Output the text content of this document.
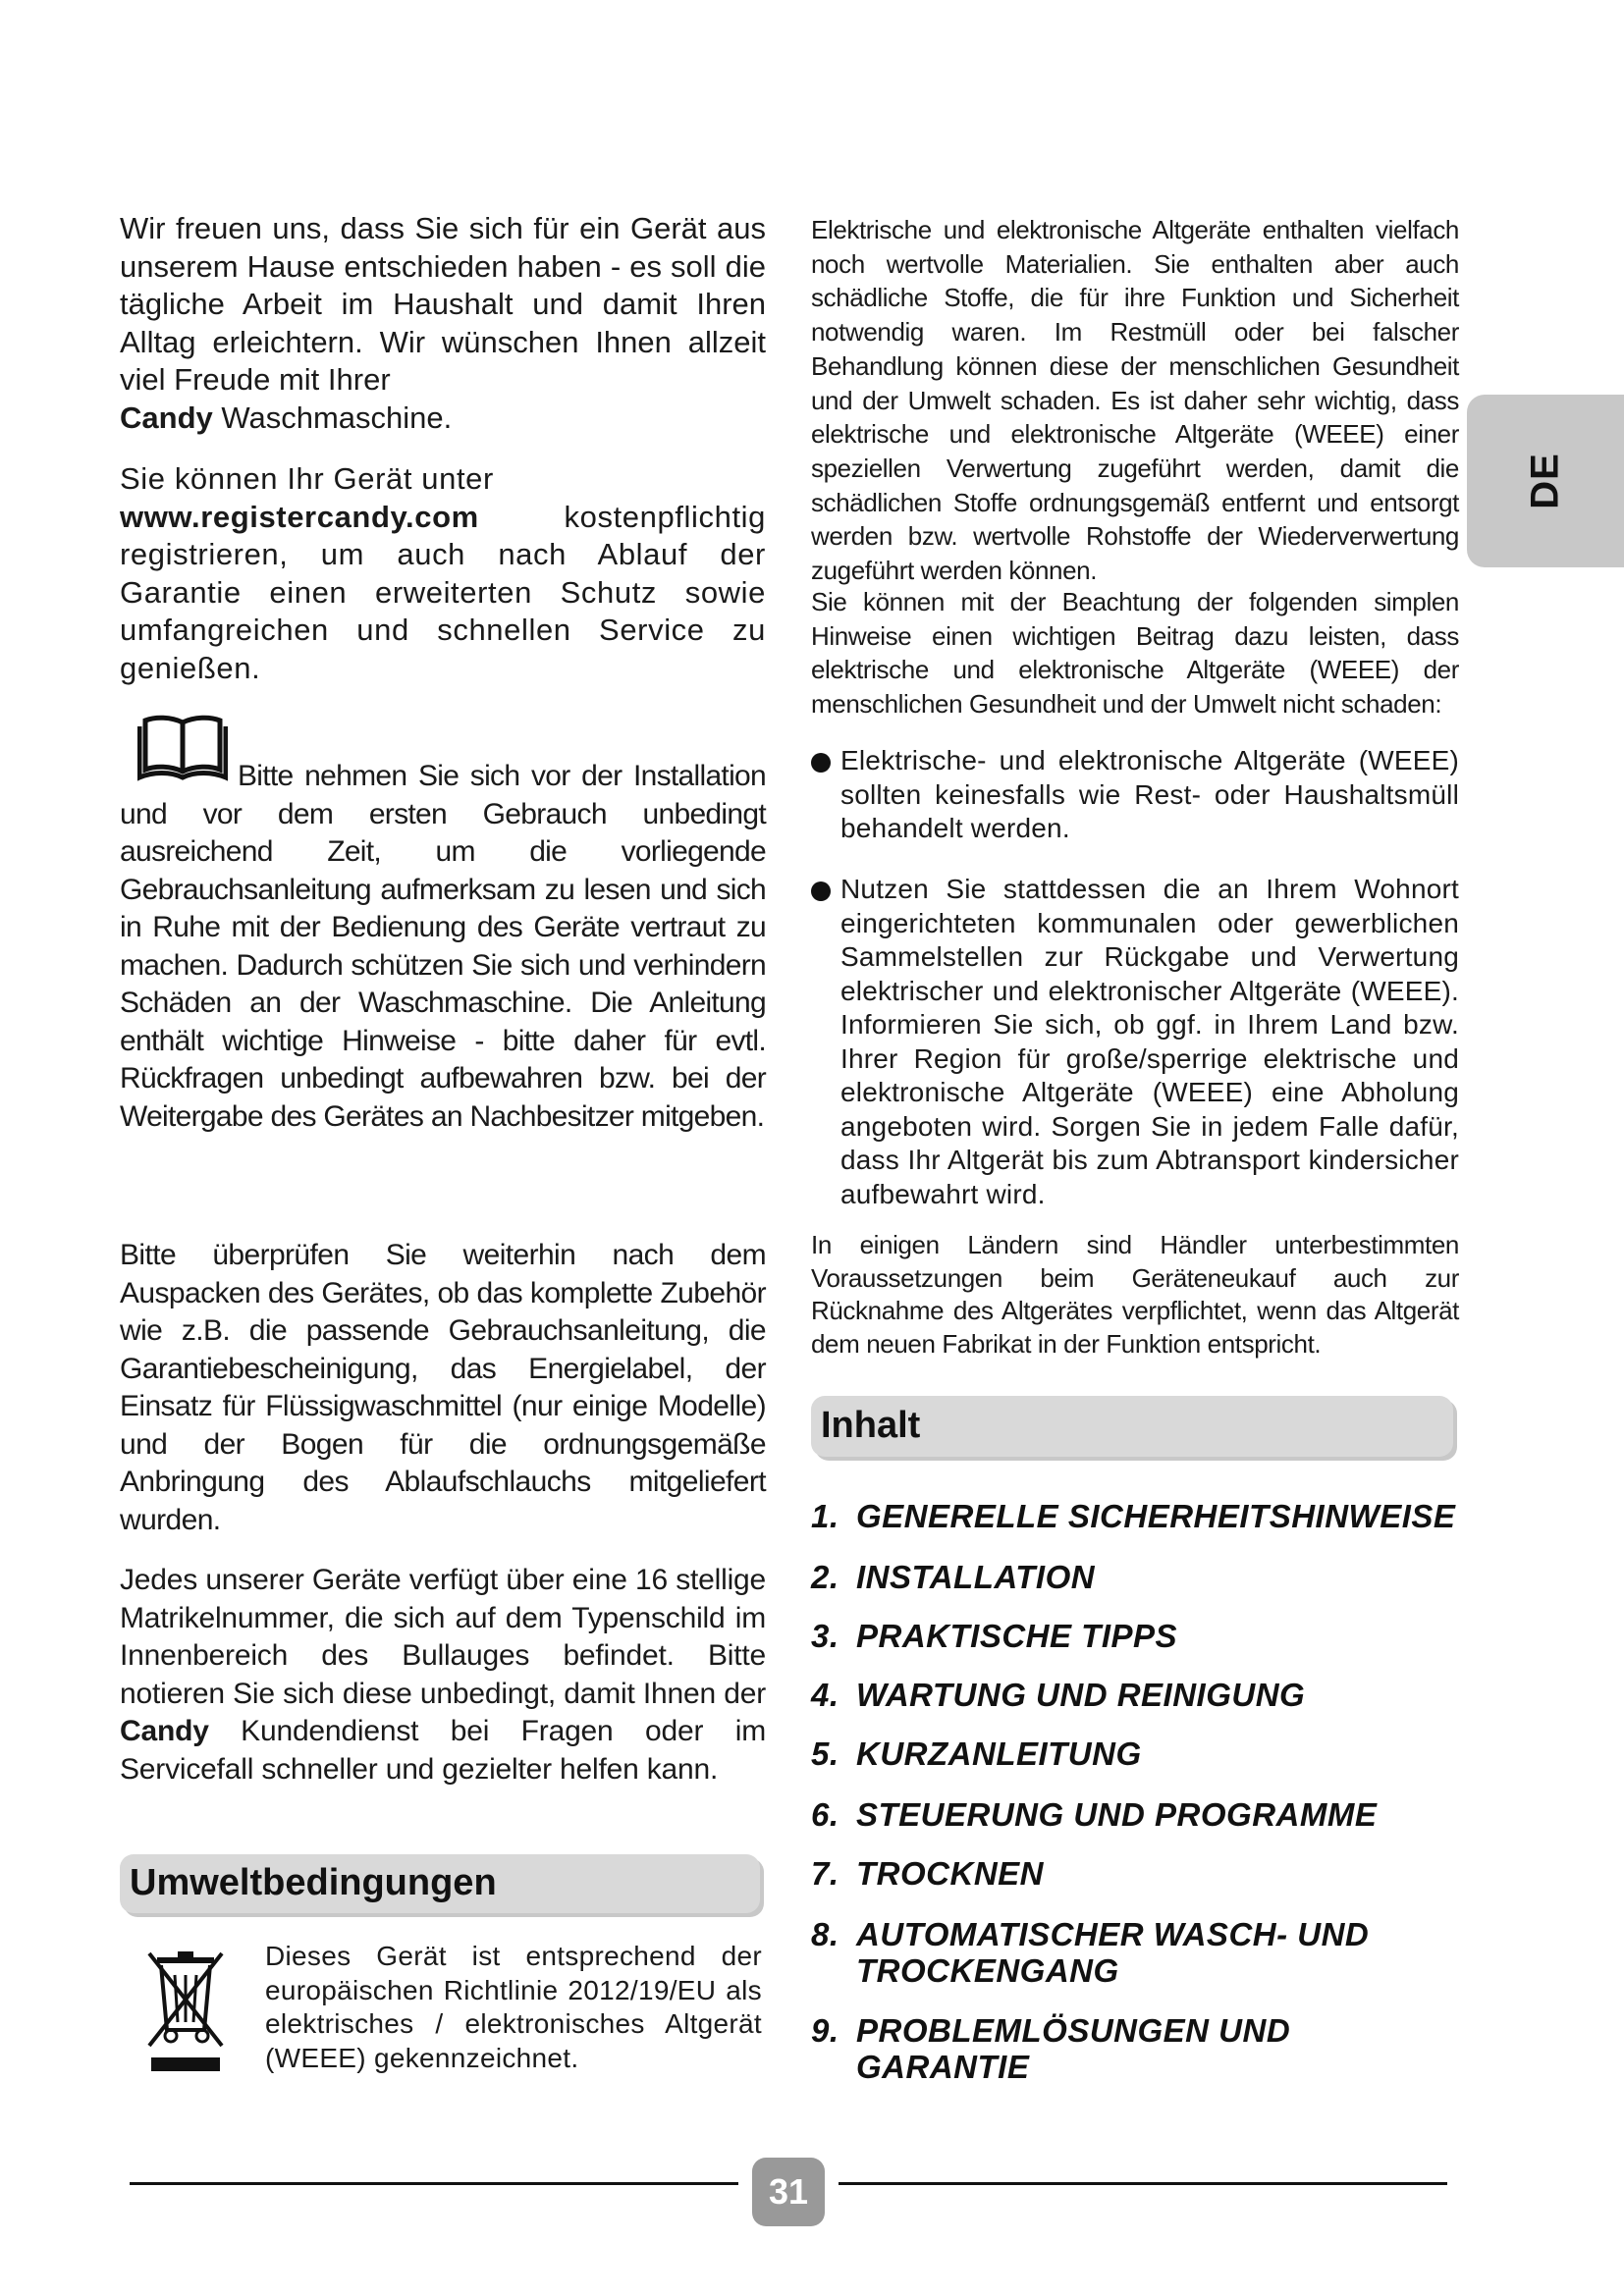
DE

Wir freuen uns, dass Sie sich für ein Gerät aus unserem Hause entschieden haben - es soll die tägliche Arbeit im Haushalt und damit Ihren Alltag erleichtern. Wir wünschen Ihnen allzeit viel Freude mit Ihrer
Candy Waschmaschine.

Sie können Ihr Gerät unter
www.registercandy.com kostenpflichtig registrieren, um auch nach Ablauf der Garantie einen erweiterten Schutz sowie umfangreichen und schnellen Service zu genießen.

Bitte nehmen Sie sich vor der Installation und vor dem ersten Gebrauch unbedingt ausreichend Zeit, um die vorliegende Gebrauchsanleitung aufmerksam zu lesen und sich in Ruhe mit der Bedienung des Geräte vertraut zu machen. Dadurch schützen Sie sich und verhindern Schäden an der Waschmaschine. Die Anleitung enthält wichtige Hinweise - bitte daher für evtl. Rückfragen unbedingt aufbewahren bzw. bei der Weitergabe des Gerätes an Nachbesitzer mitgeben.

Bitte überprüfen Sie weiterhin nach dem Auspacken des Gerätes, ob das komplette Zubehör wie z.B. die passende Gebrauchsanleitung, die Garantiebescheinigung, das Energielabel, der Einsatz für Flüssigwaschmittel (nur einige Modelle) und der Bogen für die ordnungsgemäße Anbringung des Ablaufschlauchs mitgeliefert wurden.

Jedes unserer Geräte verfügt über eine 16 stellige Matrikelnummer, die sich auf dem Typenschild im Innenbereich des Bullauges befindet. Bitte notieren Sie sich diese unbedingt, damit Ihnen der Candy Kundendienst bei Fragen oder im Servicefall schneller und gezielter helfen kann.

Umweltbedingungen

Dieses Gerät ist entsprechend der europäischen Richtlinie 2012/19/EU als elektrisches / elektronisches Altgerät (WEEE) gekennzeichnet.

Elektrische und elektronische Altgeräte enthalten vielfach noch wertvolle Materialien. Sie enthalten aber auch schädliche Stoffe, die für ihre Funktion und Sicherheit notwendig waren. Im Restmüll oder bei falscher Behandlung können diese der menschlichen Gesundheit und der Umwelt schaden. Es ist daher sehr wichtig, dass elektrische und elektronische Altgeräte (WEEE) einer speziellen Verwertung zugeführt werden, damit die schädlichen Stoffe ordnungsgemäß entfernt und entsorgt werden bzw. wertvolle Rohstoffe der Wiederverwertung zugeführt werden können.

Sie können mit der Beachtung der folgenden simplen Hinweise einen wichtigen Beitrag dazu leisten, dass elektrische und elektronische Altgeräte (WEEE) der menschlichen Gesundheit und der Umwelt nicht schaden:

Elektrische- und elektronische Altgeräte (WEEE) sollten keinesfalls wie Rest- oder Haushaltsmüll behandelt werden.

Nutzen Sie stattdessen die an Ihrem Wohnort eingerichteten kommunalen oder gewerblichen Sammelstellen zur Rückgabe und Verwertung elektrischer und elektronischer Altgeräte (WEEE). Informieren Sie sich, ob ggf. in Ihrem Land bzw. Ihrer Region für große/sperrige elektrische und elektronische Altgeräte (WEEE) eine Abholung angeboten wird. Sorgen Sie in jedem Falle dafür, dass Ihr Altgerät bis zum Abtransport kindersicher aufbewahrt wird.

In einigen Ländern sind Händler unterbestimmten Voraussetzungen beim Geräteneukauf auch zur Rücknahme des Altgerätes verpflichtet, wenn das Altgerät dem neuen Fabrikat in der Funktion entspricht.

Inhalt
1. GENERELLE SICHERHEITSHINWEISE
2. INSTALLATION
3. PRAKTISCHE TIPPS
4. WARTUNG UND REINIGUNG
5. KURZANLEITUNG
6. STEUERUNG UND PROGRAMME
7. TROCKNEN
8. AUTOMATISCHER WASCH- UND TROCKENGANG
9. PROBLEMLÖSUNGEN UND GARANTIE
31
